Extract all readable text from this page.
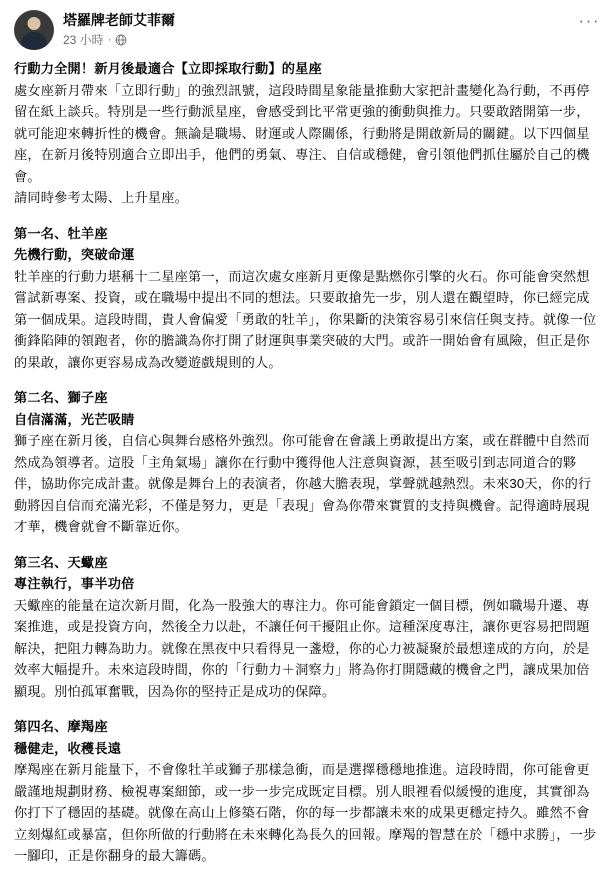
塔羅牌老師艾菲爾
23 小時 ·
···

行動力全開！新月後最適合【立即採取行動】的星座

處女座新月帶來「立即行動」的強烈訊號，這段時間星象能量推動大家把計畫變化為行動，不再停留在紙上談兵。特別是一些行動派星座，會感受到比平常更強的衝動與推力。只要敢踏開第一步，就可能迎來轉折性的機會。無論是職場、財運或人際關係，行動將是開啟新局的關鍵。以下四個星座，在新月後特別適合立即出手，他們的勇氣、專注、自信或穩健，會引領他們抓住屬於自己的機會。

請同時參考太陽、上升星座。

第一名、牡羊座

先機行動，突破命運

牡羊座的行動力堪稱十二星座第一，而這次處女座新月更像是點燃你引擎的火石。你可能會突然想嘗試新專案、投資，或在職場中提出不同的想法。只要敢搶先一步，別人還在觀望時，你已經完成第一個成果。這段時間，貴人會偏愛「勇敢的牡羊」，你果斷的決策容易引來信任與支持。就像一位衝鋒陷陣的領跑者，你的膽識為你打開了財運與事業突破的大門。或許一開始會有風險，但正是你的果敢，讓你更容易成為改變遊戲規則的人。

第二名、獅子座

自信滿滿，光芒吸睛

獅子座在新月後，自信心與舞台感格外強烈。你可能會在會議上勇敢提出方案，或在群體中自然而然成為領導者。這股「主角氣場」讓你在行動中獲得他人注意與資源，甚至吸引到志同道合的夥伴，協助你完成計畫。就像是舞台上的表演者，你越大膽表現，掌聲就越熱烈。未來30天，你的行動將因自信而充滿光彩，不僅是努力，更是「表現」會為你帶來實質的支持與機會。記得適時展現才華，機會就會不斷靠近你。

第三名、天蠍座

專注執行，事半功倍

天蠍座的能量在這次新月間，化為一股強大的專注力。你可能會鎖定一個目標，例如職場升遷、專案推進，或是投資方向，然後全力以赴，不讓任何干擾阻止你。這種深度專注，讓你更容易把問題解決，把阻力轉為助力。就像在黑夜中只看得見一盞燈，你的心力被凝聚於最想達成的方向，於是效率大幅提升。未來這段時間，你的「行動力＋洞察力」將為你打開隱藏的機會之門，讓成果加倍顯現。別怕孤軍奮戰，因為你的堅持正是成功的保障。

第四名、摩羯座

穩健走，收穫長遠

摩羯座在新月能量下，不會像牡羊或獅子那樣急衝，而是選擇穩穩地推進。這段時間，你可能會更嚴謹地規劃財務、檢視專案細節，或一步一步完成既定目標。別人眼裡看似緩慢的進度，其實卻為你打下了穩固的基礎。就像在高山上修築石階，你的每一步都讓未來的成果更穩定持久。雖然不會立刻爆紅或暴富，但你所做的行動將在未來轉化為長久的回報。摩羯的智慧在於「穩中求勝」，一步一腳印，正是你翻身的最大籌碼。
